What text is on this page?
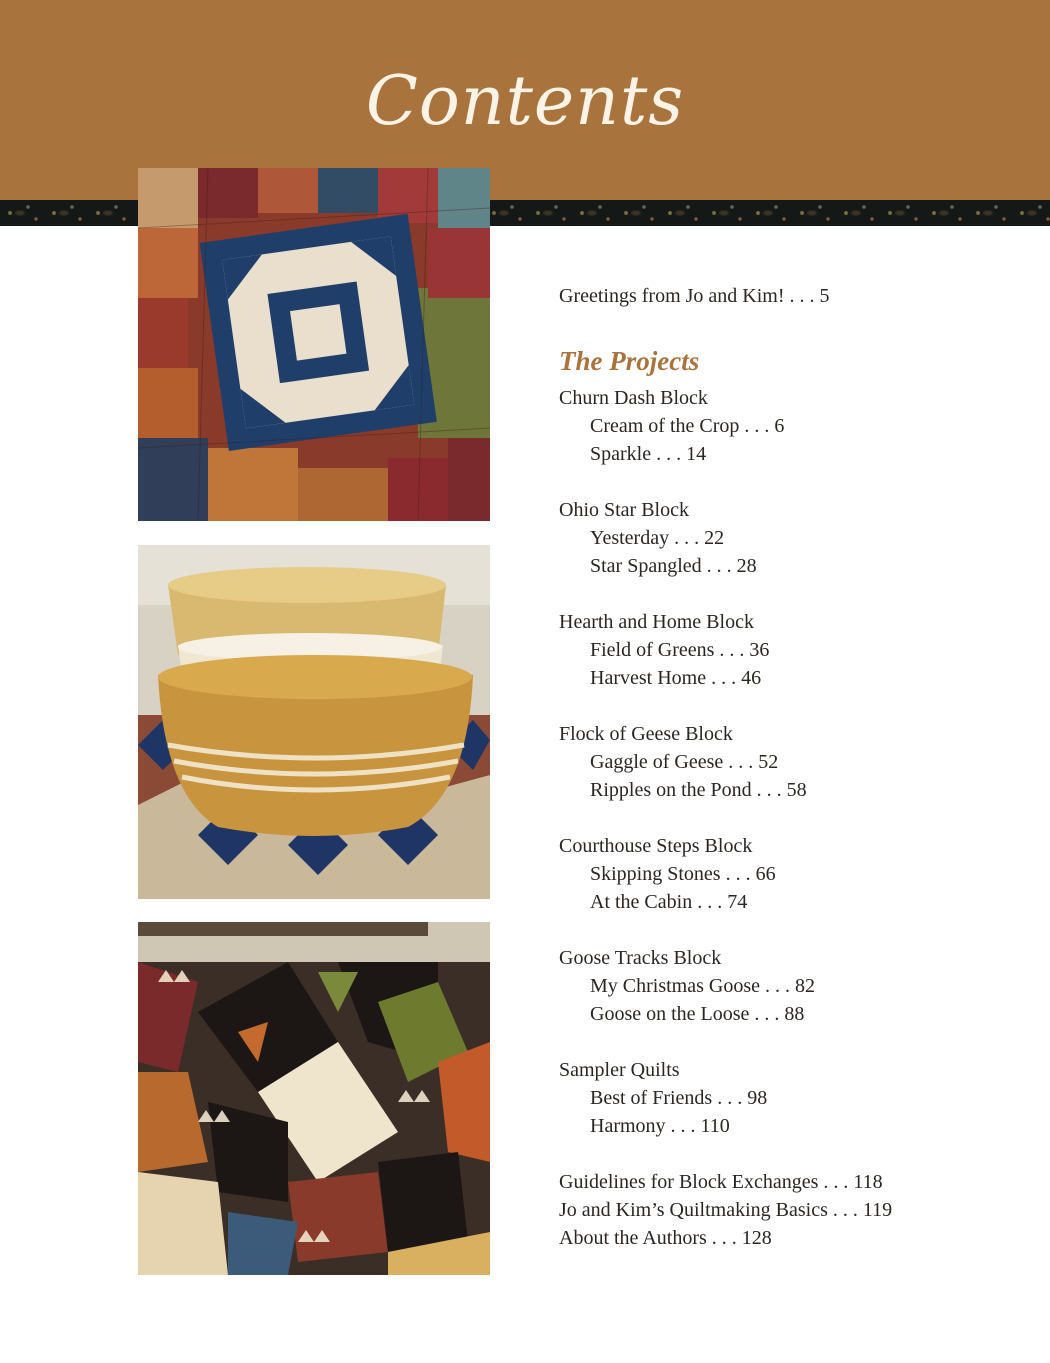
Contents
Greetings from Jo and Kim! . . . 5
The Projects
Churn Dash Block
Cream of the Crop . . . 6
Sparkle . . . 14
Ohio Star Block
Yesterday . . . 22
Star Spangled . . . 28
Hearth and Home Block
Field of Greens . . . 36
Harvest Home . . . 46
Flock of Geese Block
Gaggle of Geese . . . 52
Ripples on the Pond . . . 58
Courthouse Steps Block
Skipping Stones . . . 66
At the Cabin . . . 74
Goose Tracks Block
My Christmas Goose . . . 82
Goose on the Loose . . . 88
Sampler Quilts
Best of Friends . . . 98
Harmony . . . 110
Guidelines for Block Exchanges . . . 118
Jo and Kim’s Quiltmaking Basics . . . 119
About the Authors . . . 128
